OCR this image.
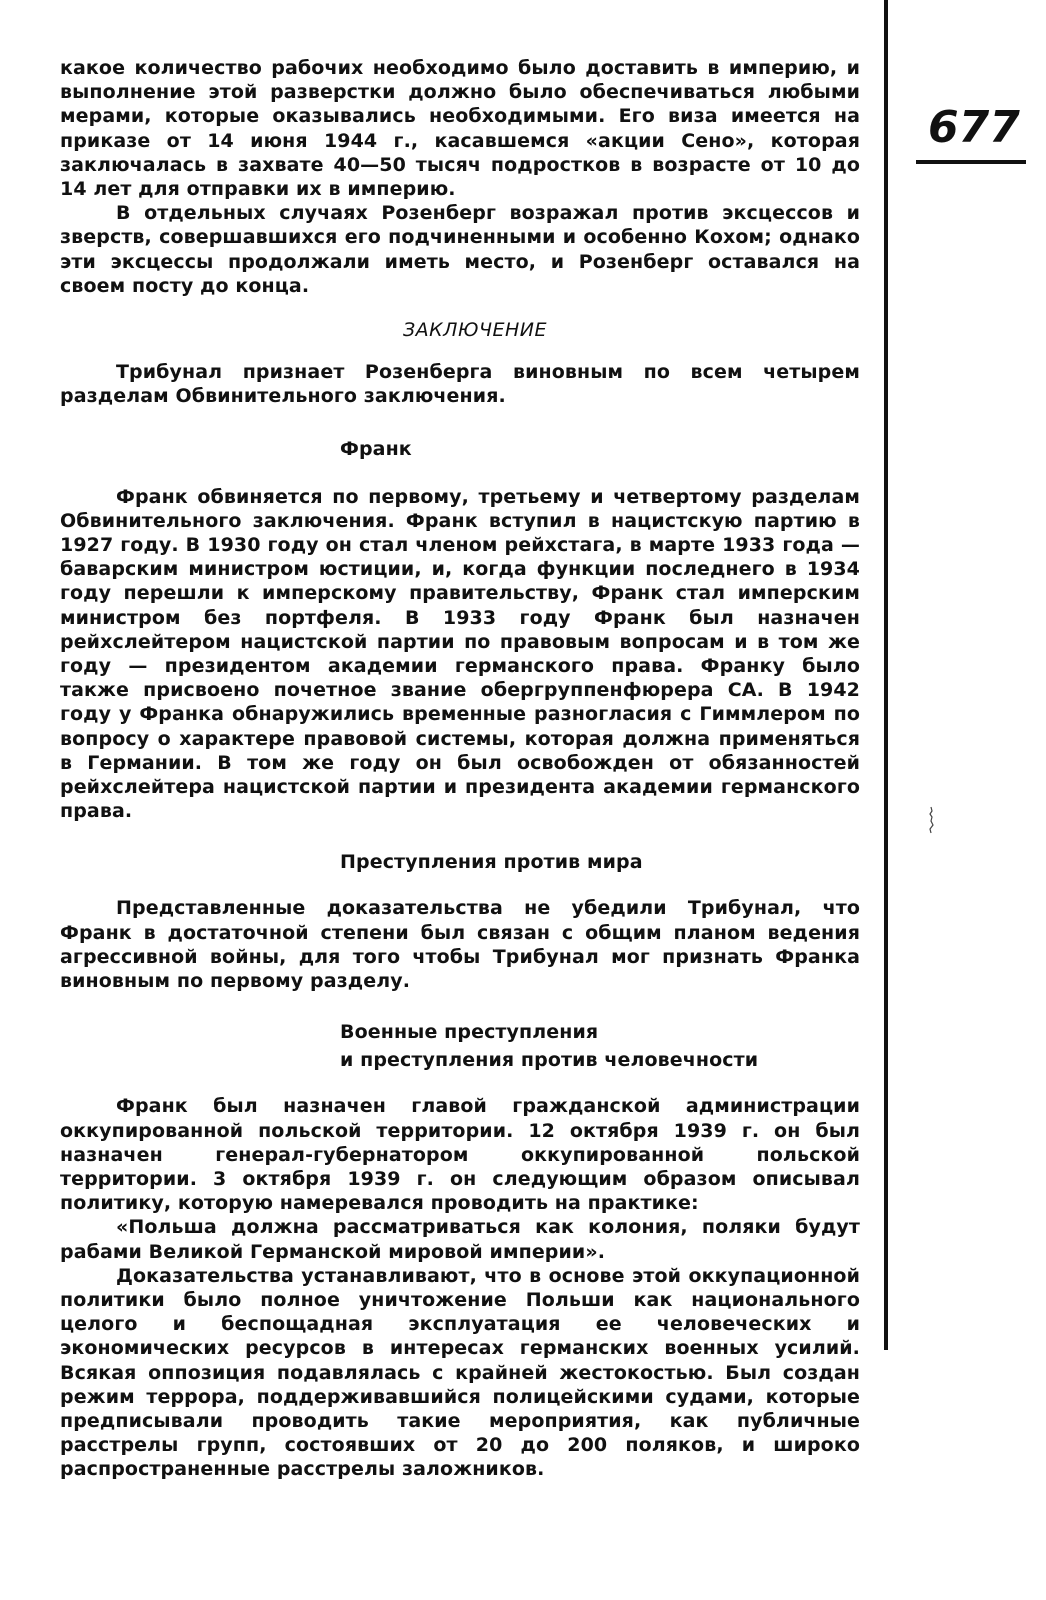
677

какое количество рабочих необходимо было доставить в империю, и выполнение этой разверстки должно было обеспечиваться любыми мерами, которые оказывались необходимыми. Его виза имеется на приказе от 14 июня 1944 г., касавшемся «акции Сено», которая заключалась в захвате 40—50 тысяч подростков в возрасте от 10 до 14 лет для отправки их в империю.

В отдельных случаях Розенберг возражал против эксцессов и зверств, совершавшихся его подчиненными и особенно Кохом; однако эти эксцессы продолжали иметь место, и Розенберг оставался на своем посту до конца.

ЗАКЛЮЧЕНИЕ

Трибунал признает Розенберга виновным по всем четырем разделам Обвинительного заключения.

Франк

Франк обвиняется по первому, третьему и четвертому разделам Обвинительного заключения. Франк вступил в нацистскую партию в 1927 году. В 1930 году он стал членом рейхстага, в марте 1933 года — баварским министром юстиции, и, когда функции последнего в 1934 году перешли к имперскому правительству, Франк стал имперским министром без портфеля. В 1933 году Франк был назначен рейхслейтером нацистской партии по правовым вопросам и в том же году — президентом академии германского права. Франку было также присвоено почетное звание обергруппенфюрера СА. В 1942 году у Франка обнаружились временные разногласия с Гиммлером по вопросу о характере правовой системы, которая должна применяться в Германии. В том же году он был освобожден от обязанностей рейхслейтера нацистской партии и президента академии германского права.

Преступления против мира

Представленные доказательства не убедили Трибунал, что Франк в достаточной степени был связан с общим планом ведения агрессивной войны, для того чтобы Трибунал мог признать Франка виновным по первому разделу.

Военные преступления
и преступления против человечности

Франк был назначен главой гражданской администрации оккупированной польской территории. 12 октября 1939 г. он был назначен генерал-губернатором оккупированной польской территории. 3 октября 1939 г. он следующим образом описывал политику, которую намеревался проводить на практике:

«Польша должна рассматриваться как колония, поляки будут рабами Великой Германской мировой империи».

Доказательства устанавливают, что в основе этой оккупационной политики было полное уничтожение Польши как национального целого и беспощадная эксплуатация ее человеческих и экономических ресурсов в интересах германских военных усилий. Всякая оппозиция подавлялась с крайней жестокостью. Был создан режим террора, поддерживавшийся полицейскими судами, которые предписывали проводить такие мероприятия, как публичные расстрелы групп, состоявших от 20 до 200 поляков, и широко распространенные расстрелы заложников.
